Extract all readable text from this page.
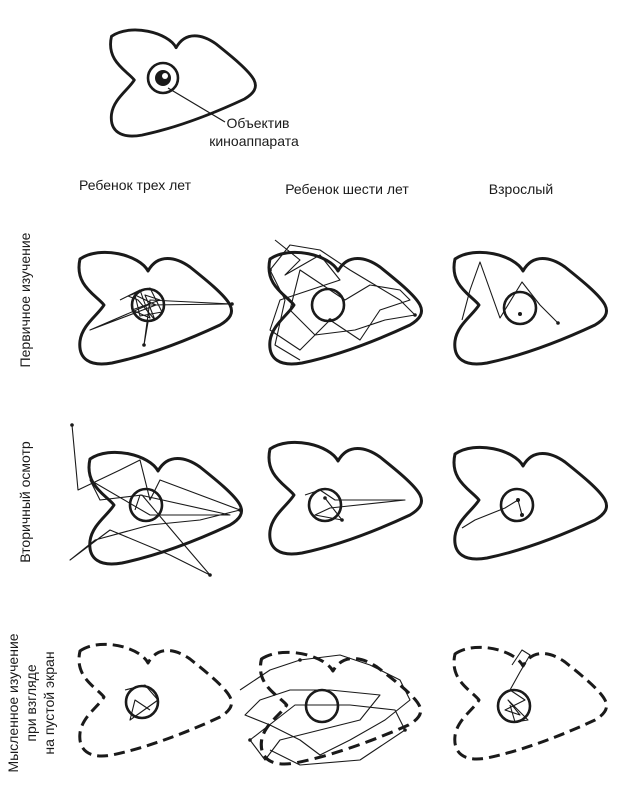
Объектив
киноаппарата
Ребенок трех лет	Ребенок шести лет	Взрослый
Первичное изучение
Вторичный осмотр
Мысленное изучение при взгляде на пустой экран
